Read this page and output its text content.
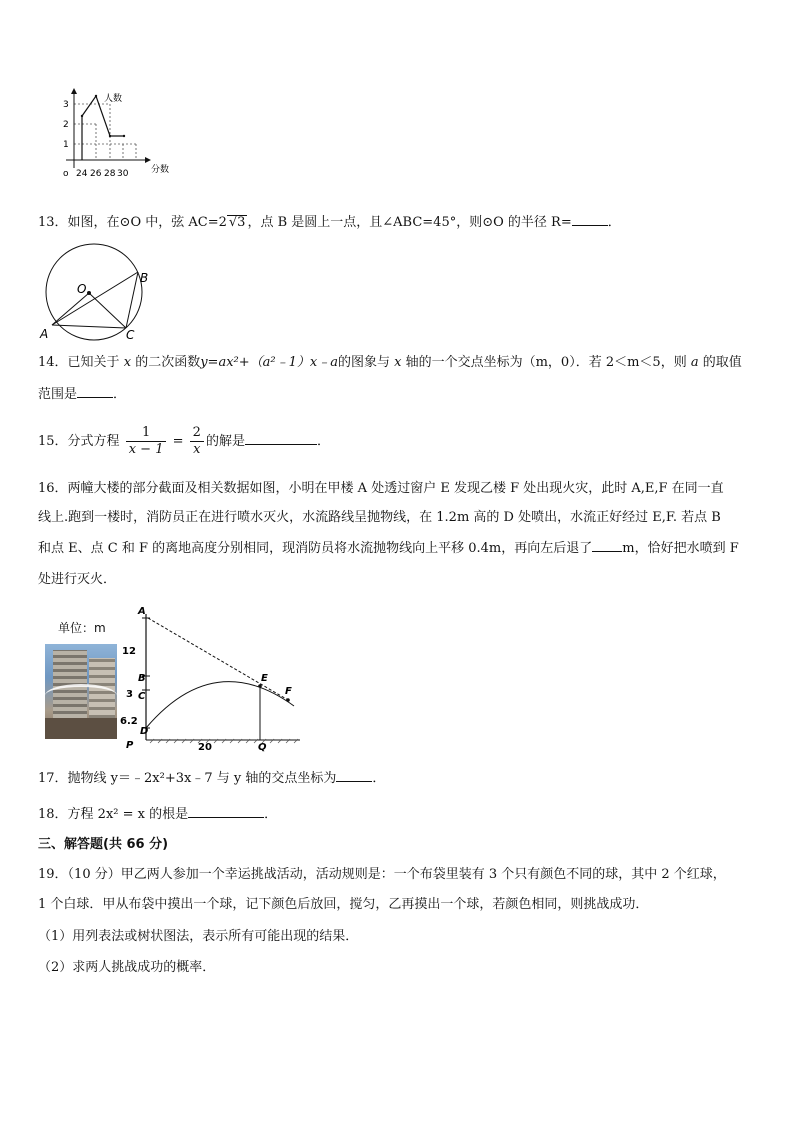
人数
分数
o
1
2
3
24 26 28 30
13．如图，在⊙O 中，弦 AC=2 √3 ，点 B 是圆上一点，且∠ABC=45°，则⊙O 的半径 R=	．
O
A
B
C
14．已知关于 x 的二次函数y=ax²+（a²﹣1）x﹣a的图象与 x 轴的一个交点坐标为（m，0）．若 2＜m＜5，则 a 的取值
范围是	．
15．分式方程 $\frac{1}{x - 1} = \frac{2}{x}$ 的解是	．
16．两幢大楼的部分截面及相关数据如图，小明在甲楼 A 处透过窗户 E 发现乙楼 F 处出现火灾，此时 A,E,F 在同一直
线上.跑到一楼时，消防员正在进行喷水灭火，水流路线呈抛物线，在 1.2m 高的 D 处喷出，水流正好经过 E,F. 若点 B
和点 E、点 C 和 F 的离地高度分别相同，现消防员将水流抛物线向上平移 0.4m，再向左后退了 m，恰好把水喷到 F
处进行灭火．
单位：m
A
B
C
D
P	Q
E
F
12
3
6.2
20
17．抛物线 y＝﹣2x²+3x﹣7 与 y 轴的交点坐标为	．
18．方程 2x² = x 的根是	．
三、解答题(共 66 分)
19．（10 分）甲乙两人参加一个幸运挑战活动，活动规则是：一个布袋里装有 3 个只有颜色不同的球，其中 2 个红球，
1 个白球．甲从布袋中摸出一个球，记下颜色后放回，搅匀，乙再摸出一个球，若颜色相同，则挑战成功．
（1）用列表法或树状图法，表示所有可能出现的结果．
（2）求两人挑战成功的概率．
